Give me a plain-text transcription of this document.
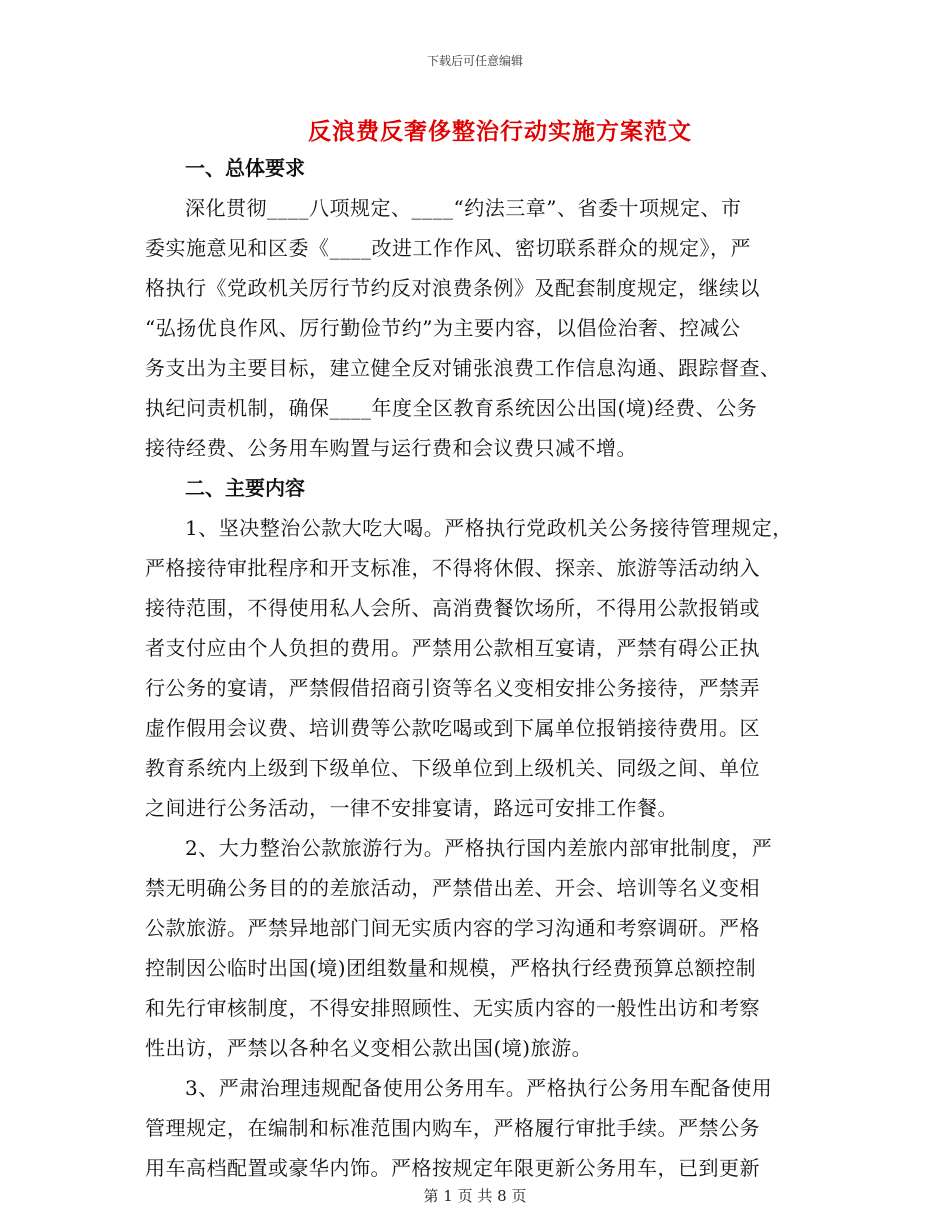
下载后可任意编辑
反浪费反奢侈整治行动实施方案范文
一、总体要求
深化贯彻____八项规定、____“约法三章”、省委十项规定、市
委实施意见和区委《____改进工作作风、密切联系群众的规定》，严
格执行《党政机关厉行节约反对浪费条例》及配套制度规定，继续以
“弘扬优良作风、厉行勤俭节约”为主要内容，以倡俭治奢、控减公
务支出为主要目标，建立健全反对铺张浪费工作信息沟通、跟踪督查、
执纪问责机制，确保____年度全区教育系统因公出国(境)经费、公务
接待经费、公务用车购置与运行费和会议费只减不增。
二、主要内容
1、坚决整治公款大吃大喝。严格执行党政机关公务接待管理规定，
严格接待审批程序和开支标准，不得将休假、探亲、旅游等活动纳入
接待范围，不得使用私人会所、高消费餐饮场所，不得用公款报销或
者支付应由个人负担的费用。严禁用公款相互宴请，严禁有碍公正执
行公务的宴请，严禁假借招商引资等名义变相安排公务接待，严禁弄
虚作假用会议费、培训费等公款吃喝或到下属单位报销接待费用。区
教育系统内上级到下级单位、下级单位到上级机关、同级之间、单位
之间进行公务活动，一律不安排宴请，路远可安排工作餐。
2、大力整治公款旅游行为。严格执行国内差旅内部审批制度，严
禁无明确公务目的的差旅活动，严禁借出差、开会、培训等名义变相
公款旅游。严禁异地部门间无实质内容的学习沟通和考察调研。严格
控制因公临时出国(境)团组数量和规模，严格执行经费预算总额控制
和先行审核制度，不得安排照顾性、无实质内容的一般性出访和考察
性出访，严禁以各种名义变相公款出国(境)旅游。
3、严肃治理违规配备使用公务用车。严格执行公务用车配备使用
管理规定，在编制和标准范围内购车，严格履行审批手续。严禁公务
用车高档配置或豪华内饰。严格按规定年限更新公务用车，已到更新
第 1 页 共 8 页
